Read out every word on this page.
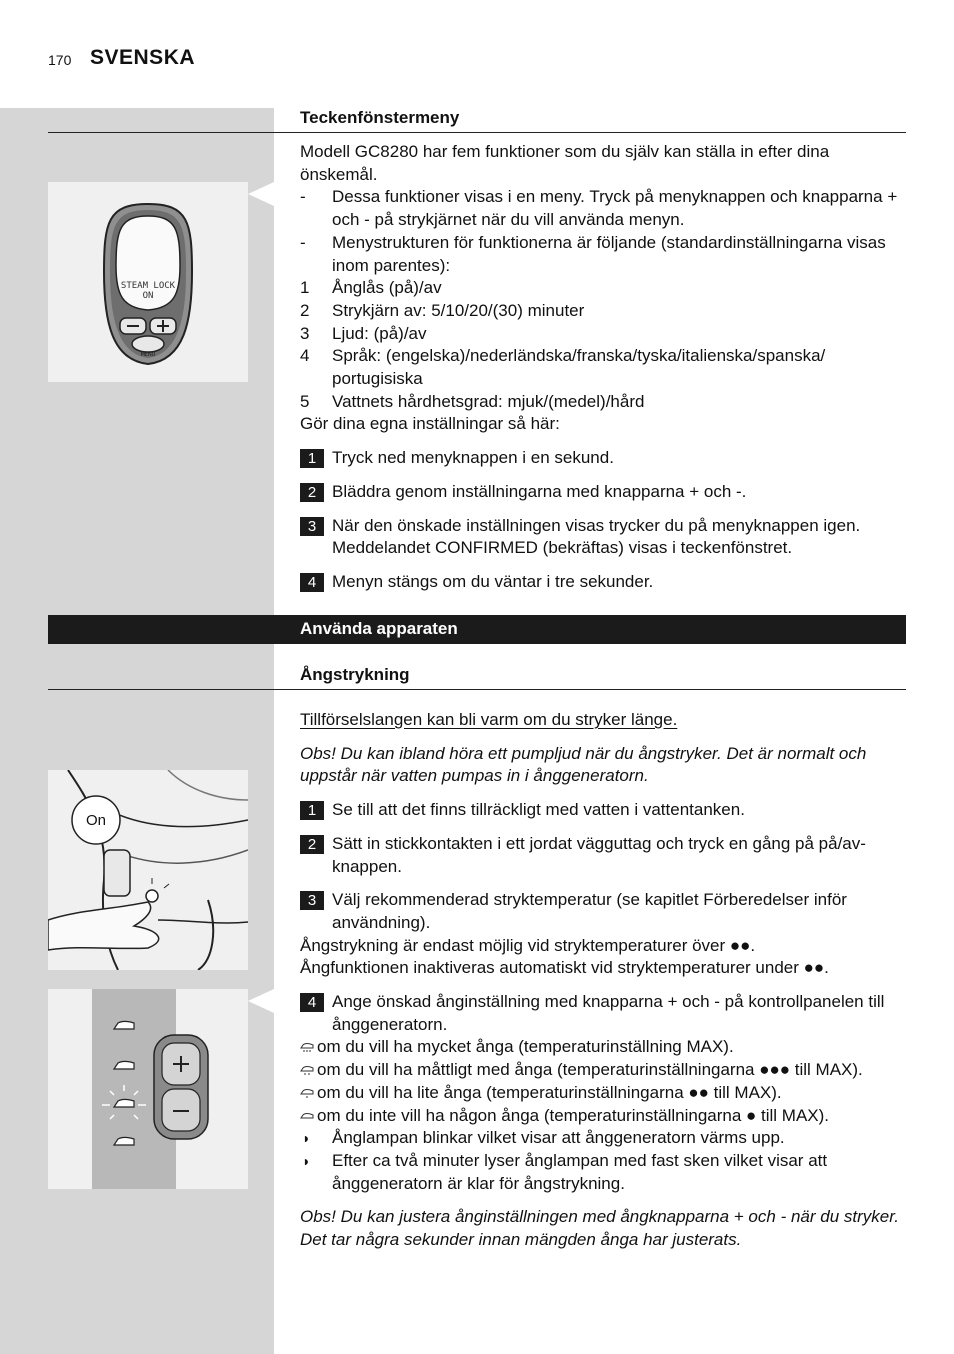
170 SVENSKA
Teckenfönstermeny
STEAM LOCK
ON
MENU

Modell GC8280 har fem funktioner som du själv kan ställa in efter dina önskemål.

- Dessa funktioner visas i en meny. Tryck på menyknappen och knapparna + och - på strykjärnet när du vill använda menyn.

- Menystrukturen för funktionerna är följande (standardinställningarna visas inom parentes):

1 Ånglås (på)/av

2 Strykjärn av: 5/10/20/(30) minuter

3 Ljud: (på)/av

4 Språk: (engelska)/nederländska/franska/tyska/italienska/spanska/ portugisiska

5 Vattnets hårdhetsgrad: mjuk/(medel)/hård

Gör dina egna inställningar så här:

1 Tryck ned menyknappen i en sekund.

2 Bläddra genom inställningarna med knapparna + och -.

3 När den önskade inställningen visas trycker du på menyknappen igen. Meddelandet CONFIRMED (bekräftas) visas i teckenfönstret.

4 Menyn stängs om du väntar i tre sekunder.

Använda apparaten
Ångstrykning
On

Tillförselslangen kan bli varm om du stryker länge.

Obs! Du kan ibland höra ett pumpljud när du ångstryker. Det är normalt och uppstår när vatten pumpas in i ånggeneratorn.

1 Se till att det finns tillräckligt med vatten i vattentanken.

2 Sätt in stickkontakten i ett jordat vägguttag och tryck en gång på på/av-knappen.

3 Välj rekommenderad stryktemperatur (se kapitlet Förberedelser inför användning).

Ångstrykning är endast möjlig vid stryktemperaturer över ●●.

Ångfunktionen inaktiveras automatiskt vid stryktemperaturer under ●●.

4 Ange önskad ånginställning med knapparna + och - på kontrollpanelen till ånggeneratorn.

om du vill ha mycket ånga (temperaturinställning MAX).

om du vill ha måttligt med ånga (temperaturinställningarna ●●● till MAX).

om du vill ha lite ånga (temperaturinställningarna ●● till MAX).

om du inte vill ha någon ånga (temperaturinställningarna ● till MAX).

◗ Ånglampan blinkar vilket visar att ånggeneratorn värms upp.

◗ Efter ca två minuter lyser ånglampan med fast sken vilket visar att ånggeneratorn är klar för ångstrykning.

Obs! Du kan justera ånginställningen med ångknapparna + och - när du stryker. Det tar några sekunder innan mängden ånga har justerats.
